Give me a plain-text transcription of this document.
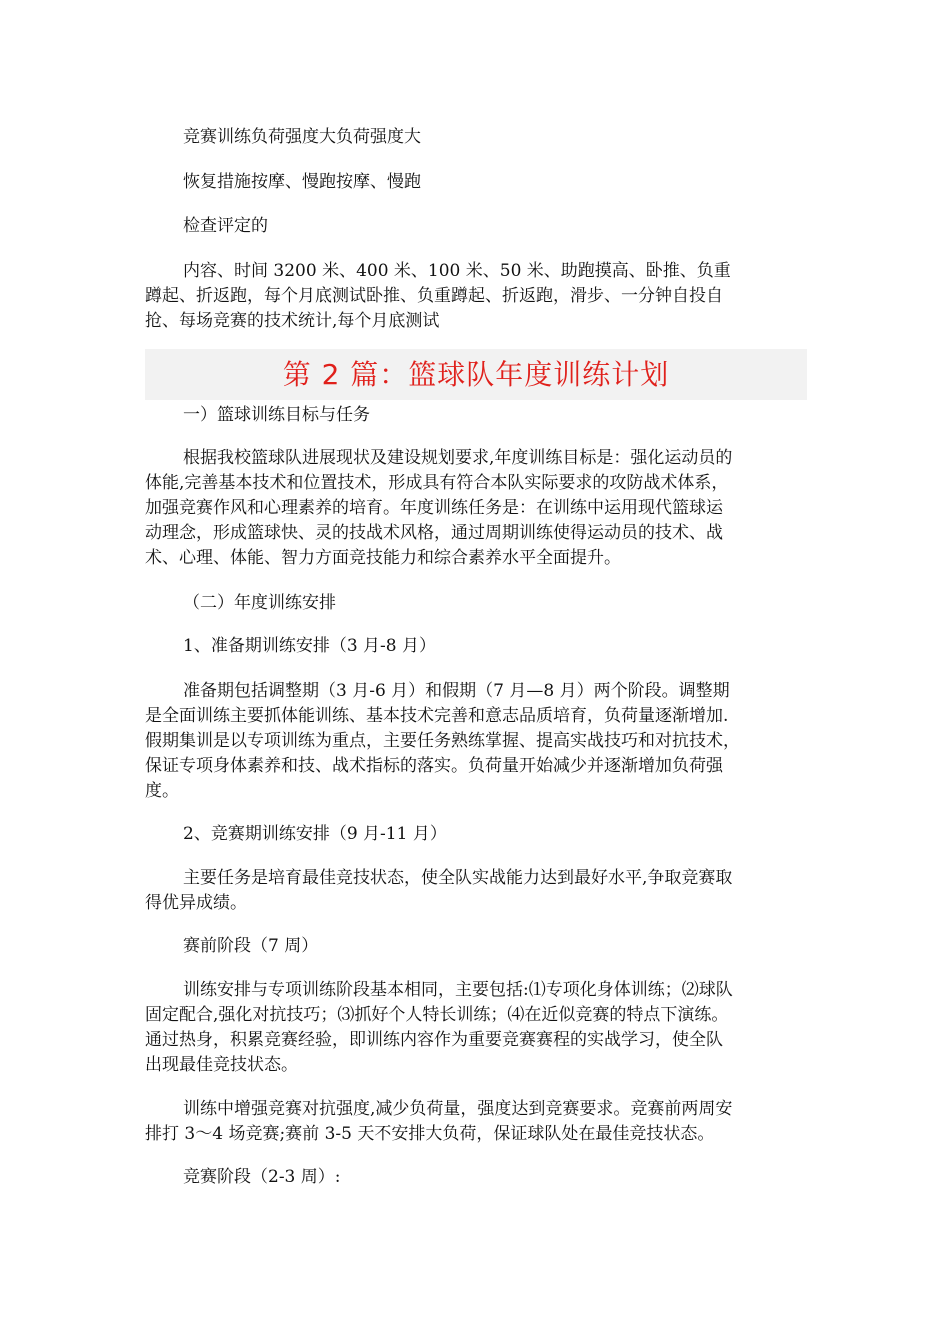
竞赛训练负荷强度大负荷强度大
恢复措施按摩、慢跑按摩、慢跑
检查评定的
内容、时间 3200 米、400 米、100 米、50 米、助跑摸高、卧推、负重
蹲起、折返跑，每个月底测试卧推、负重蹲起、折返跑，滑步、一分钟自投自
抢、每场竞赛的技术统计,每个月底测试
第 2 篇：篮球队年度训练计划
一）篮球训练目标与任务
根据我校篮球队进展现状及建设规划要求,年度训练目标是：强化运动员的
体能,完善基本技术和位置技术，形成具有符合本队实际要求的攻防战术体系，
加强竞赛作风和心理素养的培育。年度训练任务是：在训练中运用现代篮球运
动理念，形成篮球快、灵的技战术风格，通过周期训练使得运动员的技术、战
术、心理、体能、智力方面竞技能力和综合素养水平全面提升。
（二）年度训练安排
1、准备期训练安排（3 月-8 月）
准备期包括调整期（3 月-6 月）和假期（7 月—8 月）两个阶段。调整期
是全面训练主要抓体能训练、基本技术完善和意志品质培育，负荷量逐渐增加.
假期集训是以专项训练为重点，主要任务熟练掌握、提高实战技巧和对抗技术，
保证专项身体素养和技、战术指标的落实。负荷量开始减少并逐渐增加负荷强
度。
2、竞赛期训练安排（9 月-11 月）
主要任务是培育最佳竞技状态，使全队实战能力达到最好水平,争取竞赛取
得优异成绩。
赛前阶段（7 周）
训练安排与专项训练阶段基本相同，主要包括:⑴专项化身体训练；⑵球队
固定配合,强化对抗技巧；⑶抓好个人特长训练；⑷在近似竞赛的特点下演练。
通过热身，积累竞赛经验，即训练内容作为重要竞赛赛程的实战学习，使全队
出现最佳竞技状态。
训练中增强竞赛对抗强度,减少负荷量，强度达到竞赛要求。竞赛前两周安
排打 3～4 场竞赛;赛前 3-5 天不安排大负荷，保证球队处在最佳竞技状态。
竞赛阶段（2-3 周）:
